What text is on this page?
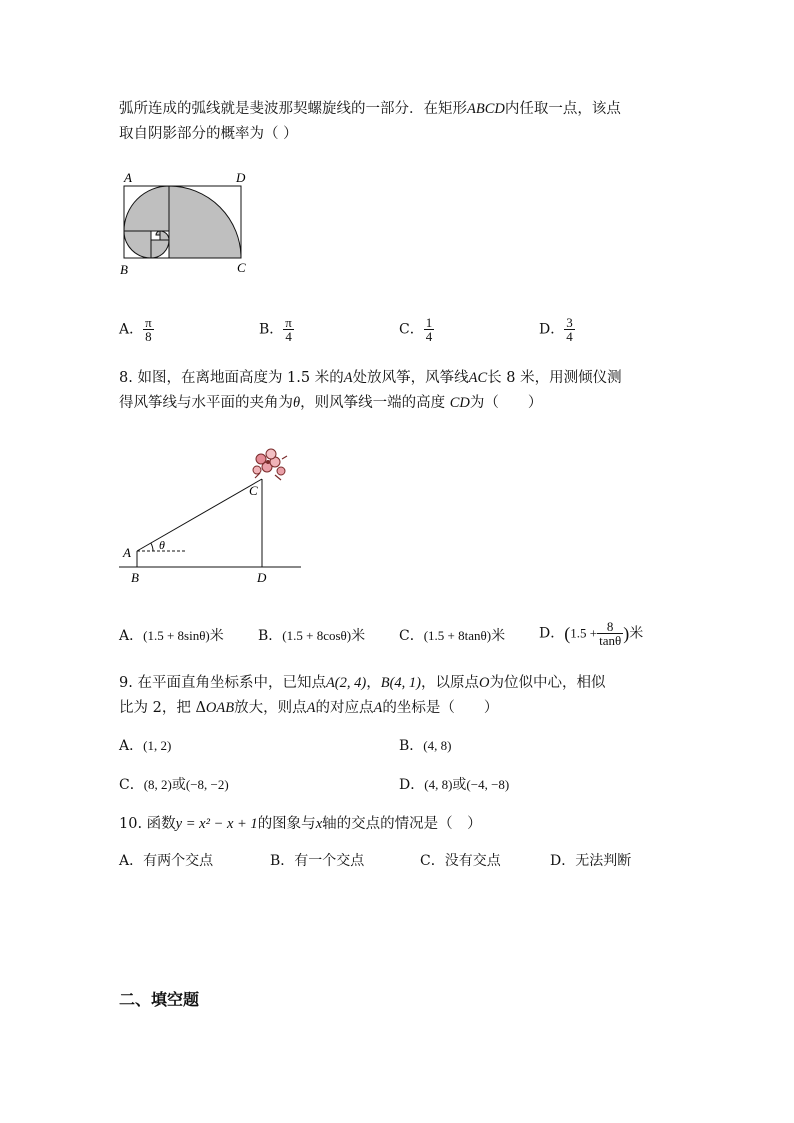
弧所连成的弧线就是斐波那契螺旋线的一部分．在矩形ABCD内任取一点，该点
取自阴影部分的概率为（ ）
A	D
B	C
A． $\frac{\pi}{8}$	B． $\frac{\pi}{4}$	C． $\frac{1}{4}$	D． $\frac{3}{4}$
8. 如图，在离地面高度为 1.5 米的A处放风筝，风筝线AC长 8 米，用测倾仪测
得风筝线与水平面的夹角为θ，则风筝线一端的高度 CD为（　　）
θ
A
B
C
D
A．(1.5 + 8sinθ)米 B．(1.5 + 8cosθ)米 C．(1.5 + 8tanθ)米 D．($1.5 + \frac{8}{\tan\theta}$ )米
9. 在平面直角坐标系中，已知点A(2, 4)，B(4, 1)，以原点O为位似中心，相似
比为 2，把 ΔOAB放大，则点A的对应点A的坐标是（　　）
A．(1, 2)	B．(4, 8)
C．(8, 2)或(−8, −2)	D．(4, 8)或(−4, −8)
10. 函数y = x² − x + 1的图象与x轴的交点的情况是（　）
A．有两个交点	B．有一个交点	C．没有交点	D．无法判断
二、填空题
